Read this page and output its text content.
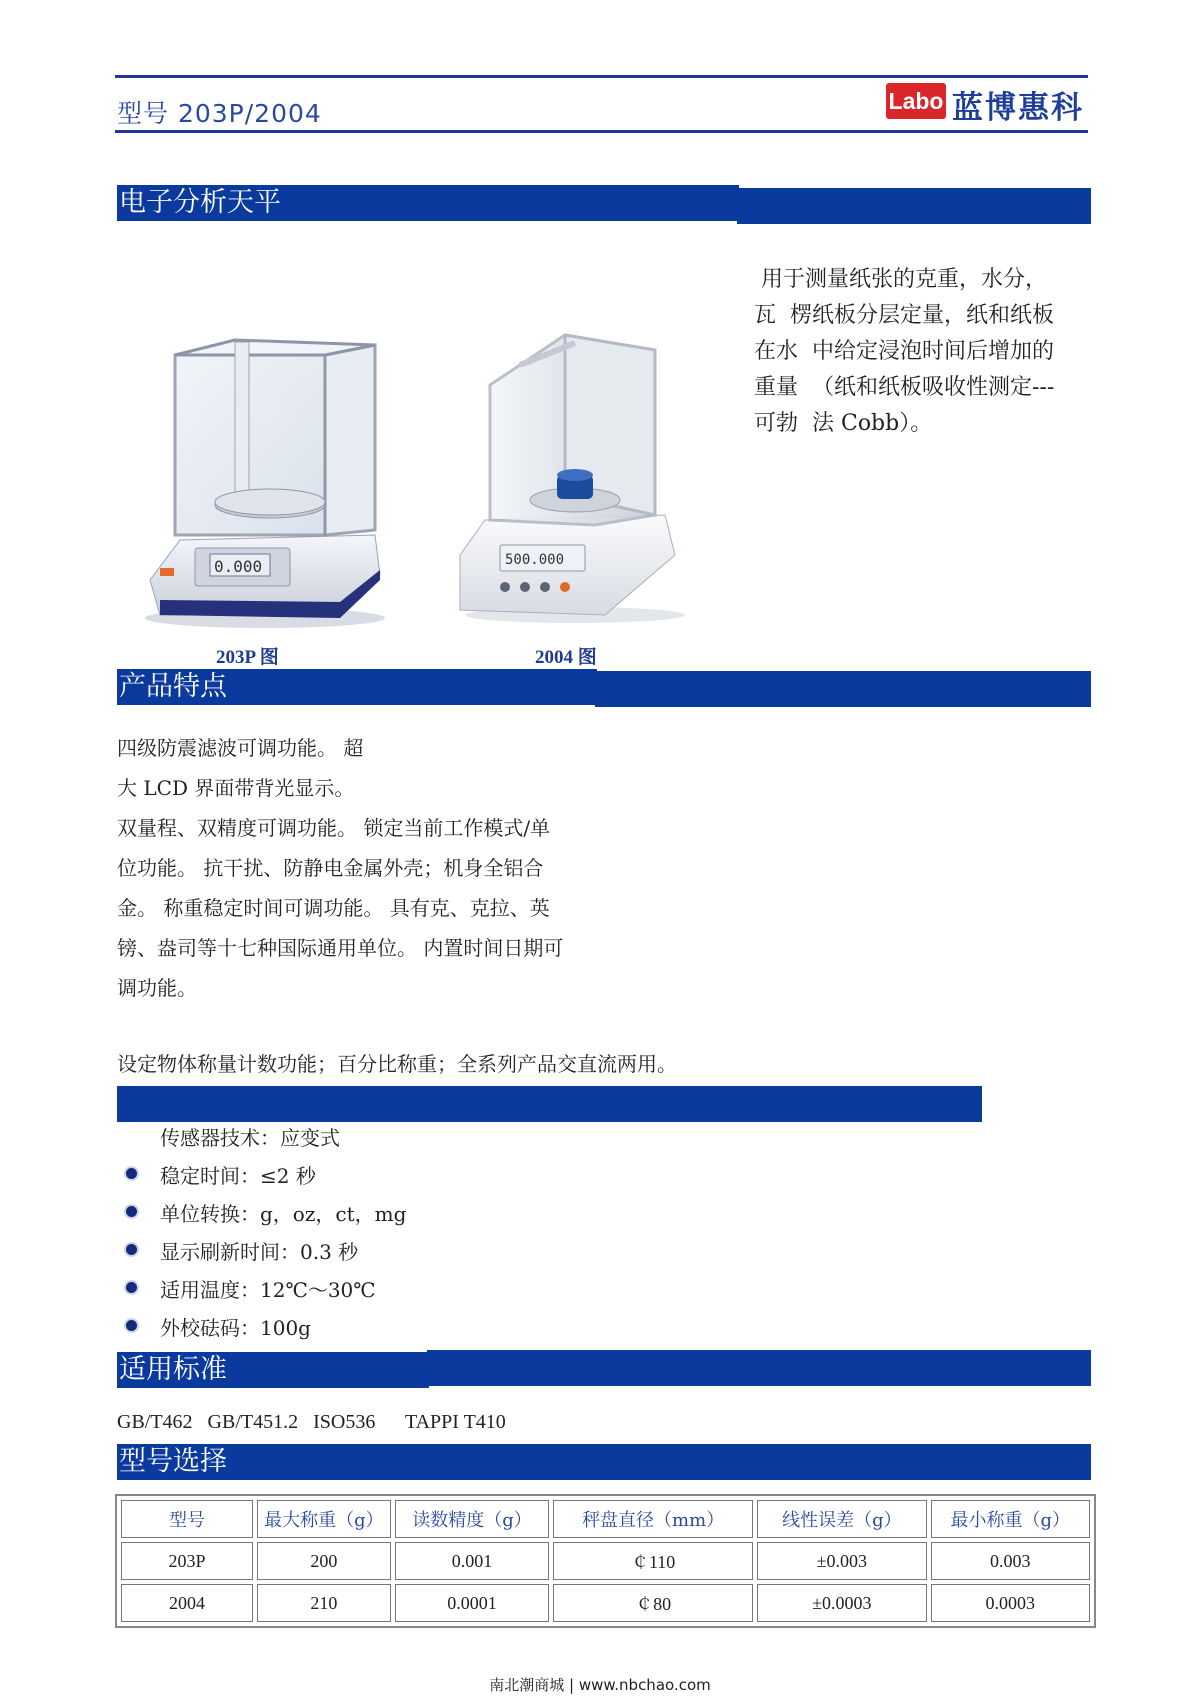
型号 203P/2004	Labo 蓝博惠科
电子分析天平
0.000	500.000
用于测量纸张的克重，水分，
瓦  楞纸板分层定量，纸和纸板
在水  中给定浸泡时间后增加的
重量  （纸和纸板吸收性测定---
可勃  法 Cobb）。
203P 图	2004 图
产品特点
四级防震滤波可调功能。 超
大 LCD 界面带背光显示。
双量程、双精度可调功能。 锁定当前工作模式/单
位功能。 抗干扰、防静电金属外壳；机身全铝合
金。 称重稳定时间可调功能。 具有克、克拉、英
镑、盎司等十七种国际通用单位。 内置时间日期可
调功能。
设定物体称量计数功能；百分比称重；全系列产品交直流两用。
传感器技术：应变式
稳定时间：≤2 秒
单位转换：g，oz，ct，mg
显示刷新时间：0.3 秒
适用温度：12℃～30℃
外校砝码：100g
适用标准
GB/T462   GB/T451.2   ISO536      TAPPI T410
型号选择
型号	最大称重（g）	读数精度（g）	秤盘直径（mm）	线性误差（g）	最小称重（g）
203P	200	0.001	￠110	±0.003	0.003
2004	210	0.0001	￠80	±0.0003	0.0003
南北潮商城 | www.nbchao.com
